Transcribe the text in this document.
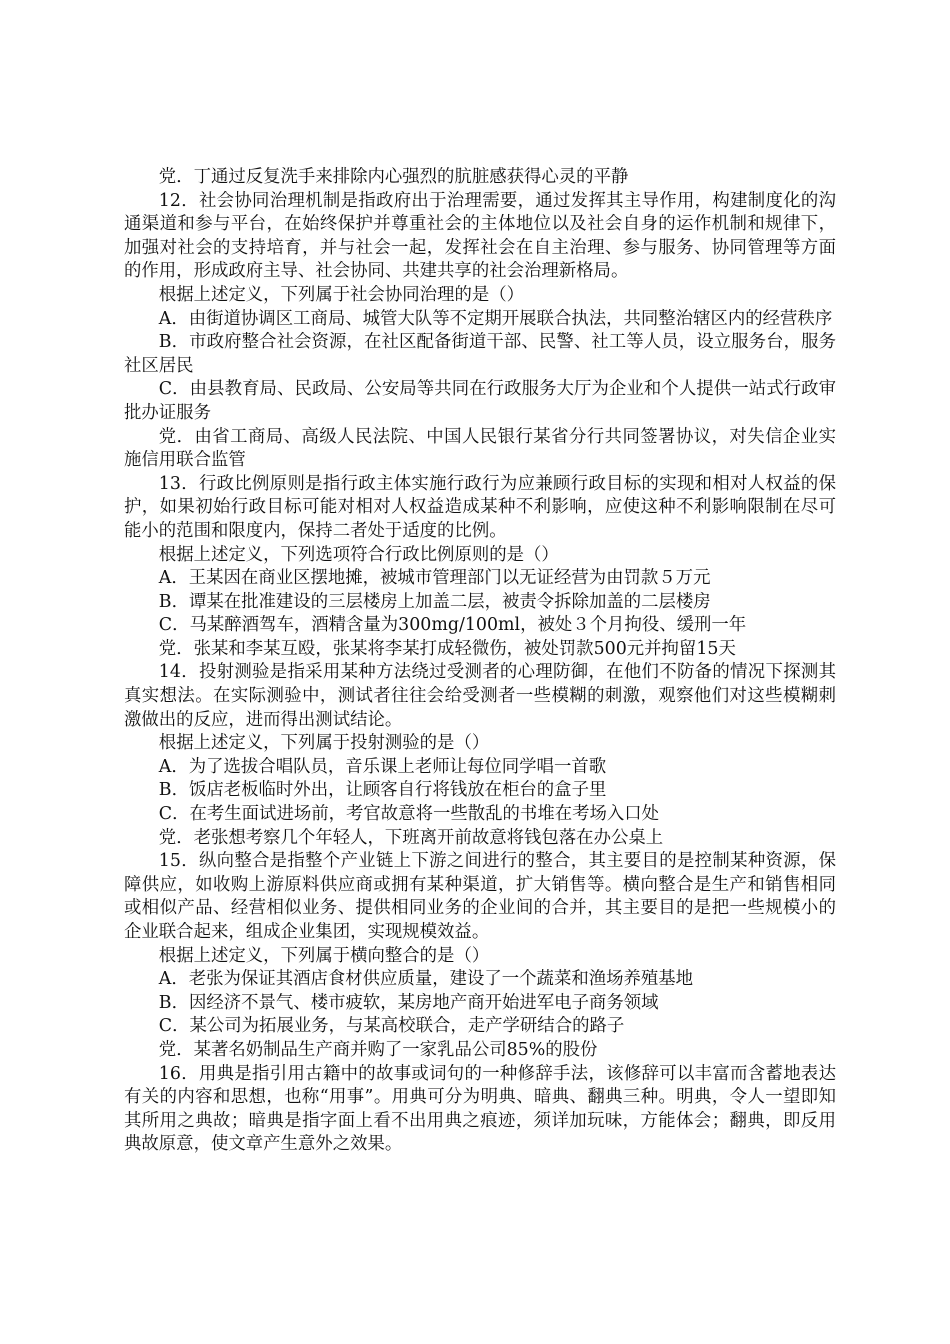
党．丁通过反复洗手来排除内心强烈的肮脏感获得心灵的平静

12．社会协同治理机制是指政府出于治理需要，通过发挥其主导作用，构建制度化的沟通渠道和参与平台，在始终保护并尊重社会的主体地位以及社会自身的运作机制和规律下，加强对社会的支持培育，并与社会一起，发挥社会在自主治理、参与服务、协同管理等方面的作用，形成政府主导、社会协同、共建共享的社会治理新格局。

根据上述定义，下列属于社会协同治理的是（）

A．由街道协调区工商局、城管大队等不定期开展联合执法，共同整治辖区内的经营秩序

B．市政府整合社会资源，在社区配备街道干部、民警、社工等人员，设立服务台，服务社区居民

C．由县教育局、民政局、公安局等共同在行政服务大厅为企业和个人提供一站式行政审批办证服务

党．由省工商局、高级人民法院、中国人民银行某省分行共同签署协议，对失信企业实施信用联合监管

13．行政比例原则是指行政主体实施行政行为应兼顾行政目标的实现和相对人权益的保护，如果初始行政目标可能对相对人权益造成某种不利影响，应使这种不利影响限制在尽可能小的范围和限度内，保持二者处于适度的比例。

根据上述定义，下列选项符合行政比例原则的是（）

A．王某因在商业区摆地摊，被城市管理部门以无证经营为由罚款５万元

B．谭某在批准建设的三层楼房上加盖二层，被责令拆除加盖的二层楼房

C．马某醉酒驾车，酒精含量为300mg/100ml，被处３个月拘役、缓刑一年

党．张某和李某互殴，张某将李某打成轻微伤，被处罚款500元并拘留15天

14．投射测验是指采用某种方法绕过受测者的心理防御，在他们不防备的情况下探测其真实想法。在实际测验中，测试者往往会给受测者一些模糊的刺激，观察他们对这些模糊刺激做出的反应，进而得出测试结论。

根据上述定义，下列属于投射测验的是（）

A．为了选拔合唱队员，音乐课上老师让每位同学唱一首歌

B．饭店老板临时外出，让顾客自行将钱放在柜台的盒子里

C．在考生面试进场前，考官故意将一些散乱的书堆在考场入口处

党．老张想考察几个年轻人，下班离开前故意将钱包落在办公桌上

15．纵向整合是指整个产业链上下游之间进行的整合，其主要目的是控制某种资源，保障供应，如收购上游原料供应商或拥有某种渠道，扩大销售等。横向整合是生产和销售相同或相似产品、经营相似业务、提供相同业务的企业间的合并，其主要目的是把一些规模小的企业联合起来，组成企业集团，实现规模效益。

根据上述定义，下列属于横向整合的是（）

A．老张为保证其酒店食材供应质量，建设了一个蔬菜和渔场养殖基地

B．因经济不景气、楼市疲软，某房地产商开始进军电子商务领域

C．某公司为拓展业务，与某高校联合，走产学研结合的路子

党．某著名奶制品生产商并购了一家乳品公司85%的股份

16．用典是指引用古籍中的故事或词句的一种修辞手法，该修辞可以丰富而含蓄地表达有关的内容和思想，也称“用事”。用典可分为明典、暗典、翻典三种。明典，令人一望即知其所用之典故；暗典是指字面上看不出用典之痕迹，须详加玩味，方能体会；翻典，即反用典故原意，使文章产生意外之效果。
